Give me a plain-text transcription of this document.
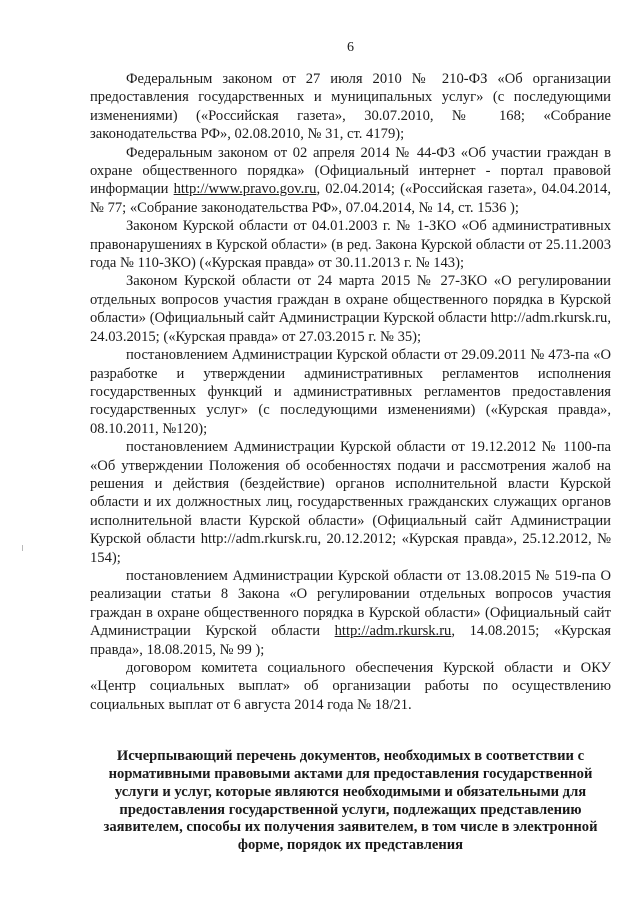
6

Федеральным законом от 27 июля 2010 № 210-ФЗ «Об организации предоставления государственных и муниципальных услуг» (с последующими изменениями) («Российская газета», 30.07.2010, № 168; «Собрание законодательства РФ», 02.08.2010, № 31, ст. 4179);

Федеральным законом от 02 апреля 2014 № 44-ФЗ «Об участии граждан в охране общественного порядка» (Официальный интернет - портал правовой информации http://www.pravo.gov.ru, 02.04.2014; («Российская газета», 04.04.2014, № 77; «Собрание законодательства РФ», 07.04.2014, № 14, ст. 1536 );

Законом Курской области от 04.01.2003 г. № 1-ЗКО «Об административных правонарушениях в Курской области» (в ред. Закона Курской области от 25.11.2003 года № 110-ЗКО) («Курская правда» от 30.11.2013 г. № 143);

Законом Курской области от 24 марта 2015 № 27-ЗКО «О регулировании отдельных вопросов участия граждан в охране общественного порядка в Курской области» (Официальный сайт Администрации Курской области http://adm.rkursk.ru, 24.03.2015; («Курская правда» от 27.03.2015 г. № 35);

постановлением Администрации Курской области от 29.09.2011 № 473-па «О разработке и утверждении административных регламентов исполнения государственных функций и административных регламентов предоставления государственных услуг» (с последующими изменениями) («Курская правда», 08.10.2011, №120);

постановлением Администрации Курской области от 19.12.2012 № 1100-па «Об утверждении Положения об особенностях подачи и рассмотрения жалоб на решения и действия (бездействие) органов исполнительной власти Курской области и их должностных лиц, государственных гражданских служащих органов исполнительной власти Курской области» (Официальный сайт Администрации Курской области http://adm.rkursk.ru, 20.12.2012; «Курская правда», 25.12.2012, № 154);

постановлением Администрации Курской области от 13.08.2015 № 519-па О реализации статьи 8 Закона «О регулировании отдельных вопросов участия граждан в охране общественного порядка в Курской области» (Официальный сайт Администрации Курской области http://adm.rkursk.ru, 14.08.2015; «Курская правда», 18.08.2015, № 99 );

договором комитета социального обеспечения Курской области и ОКУ «Центр социальных выплат» об организации работы по осуществлению социальных выплат от 6 августа 2014 года № 18/21.

Исчерпывающий перечень документов, необходимых в соответствии с нормативными правовыми актами для предоставления государственной услуги и услуг, которые являются необходимыми и обязательными для предоставления государственной услуги, подлежащих представлению заявителем, способы их получения заявителем, в том числе в электронной форме, порядок их представления
